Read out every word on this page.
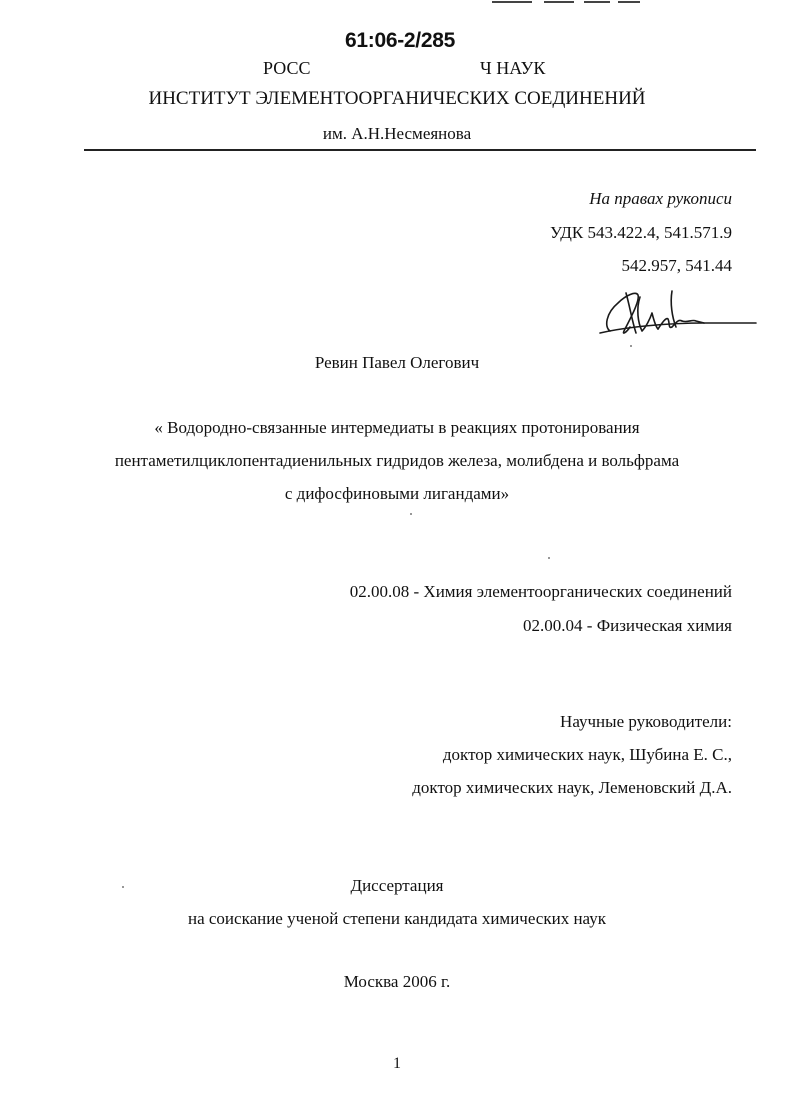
61:06-2/285
РОСС	Ч НАУК
ИНСТИТУТ ЭЛЕМЕНТООРГАНИЧЕСКИХ СОЕДИНЕНИЙ
им. А.Н.Несмеянова
На правах рукописи
УДК 543.422.4, 541.571.9
542.957, 541.44
Ревин Павел Олегович
« Водородно-связанные интермедиаты в реакциях протонирования
пентаметилциклопентадиенильных гидридов железа, молибдена и вольфрама
с дифосфиновыми лигандами»
02.00.08 - Химия элементоорганических соединений
02.00.04 - Физическая химия
Научные руководители:
доктор химических наук, Шубина Е. С.,
доктор химических наук, Леменовский Д.А.
Диссертация
на соискание ученой степени кандидата химических наук
Москва 2006 г.
1
